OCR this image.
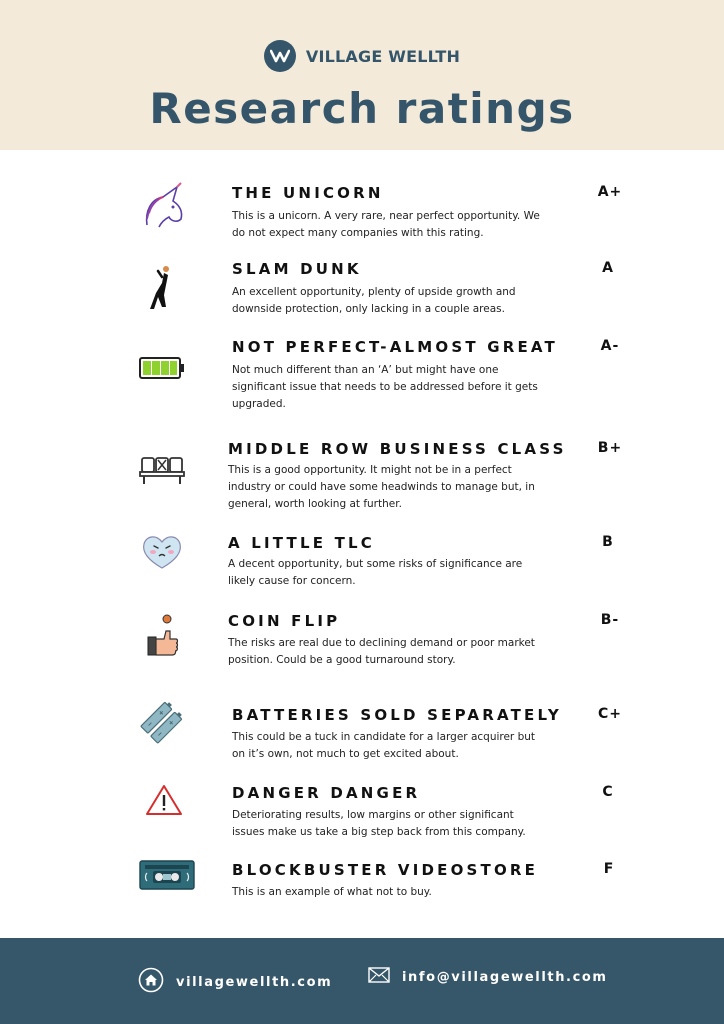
VILLAGE WELLTH
Research ratings
THE UNICORN
This is a unicorn. A very rare, near perfect opportunity. We do not expect many companies with this rating.
A+
SLAM DUNK
An excellent opportunity, plenty of upside growth and downside protection, only lacking in a couple areas.
A
NOT PERFECT-ALMOST GREAT
Not much different than an ‘A’ but might have one significant issue that needs to be addressed before it gets upgraded.
A-
MIDDLE ROW BUSINESS CLASS
This is a good opportunity. It might not be in a perfect industry or could have some headwinds to manage but, in general, worth looking at further.
B+
A LITTLE TLC
A decent opportunity, but some risks of significance are likely cause for concern.
B
COIN FLIP
The risks are real due to declining demand or poor market position. Could be a good turnaround story.
B-
BATTERIES SOLD SEPARATELY
This could be a tuck in candidate for a larger acquirer but on it’s own, not much to get excited about.
C+
DANGER DANGER
Deteriorating results, low margins or other significant issues make us take a big step back from this company.
C
BLOCKBUSTER VIDEOSTORE
This is an example of what not to buy.
F
villagewellth.com	info@villagewellth.com
